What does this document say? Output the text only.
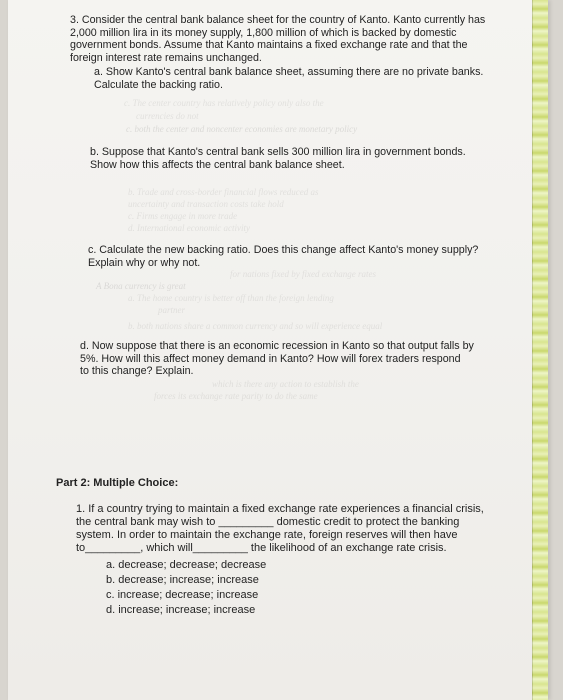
3. Consider the central bank balance sheet for the country of Kanto. Kanto currently has
2,000 million lira in its money supply, 1,800 million of which is backed by domestic
government bonds. Assume that Kanto maintains a fixed exchange rate and that the
foreign interest rate remains unchanged.

a. Show Kanto's central bank balance sheet, assuming there are no private banks.
Calculate the backing ratio.

b. Suppose that Kanto's central bank sells 300 million lira in government bonds.
Show how this affects the central bank balance sheet.

c. Calculate the new backing ratio. Does this change affect Kanto's money supply?
Explain why or why not.

d. Now suppose that there is an economic recession in Kanto so that output falls by
5%. How will this affect money demand in Kanto? How will forex traders respond
to this change? Explain.

c. The center country has relatively policy only also the
currencies do not
c. both the center and noncenter economies are monetary policy
b. Trade and cross-border financial flows reduced as
uncertainty and transaction costs take hold
c. Firms engage in more trade
d. International economic activity
for nations fixed by fixed exchange rates
A Bona currency is great
a. The home country is better off than the foreign lending
partner
b. both nations share a common currency and so will experience equal
which is there any action to establish the
forces its exchange rate parity to do the same

Part 2: Multiple Choice:

1. If a country trying to maintain a fixed exchange rate experiences a financial crisis,
the central bank may wish to _________ domestic credit to protect the banking
system. In order to maintain the exchange rate, foreign reserves will then have
to_________, which will_________ the likelihood of an exchange rate crisis.

a. decrease; decrease; decrease
b. decrease; increase; increase
c. increase; decrease; increase
d. increase; increase; increase
